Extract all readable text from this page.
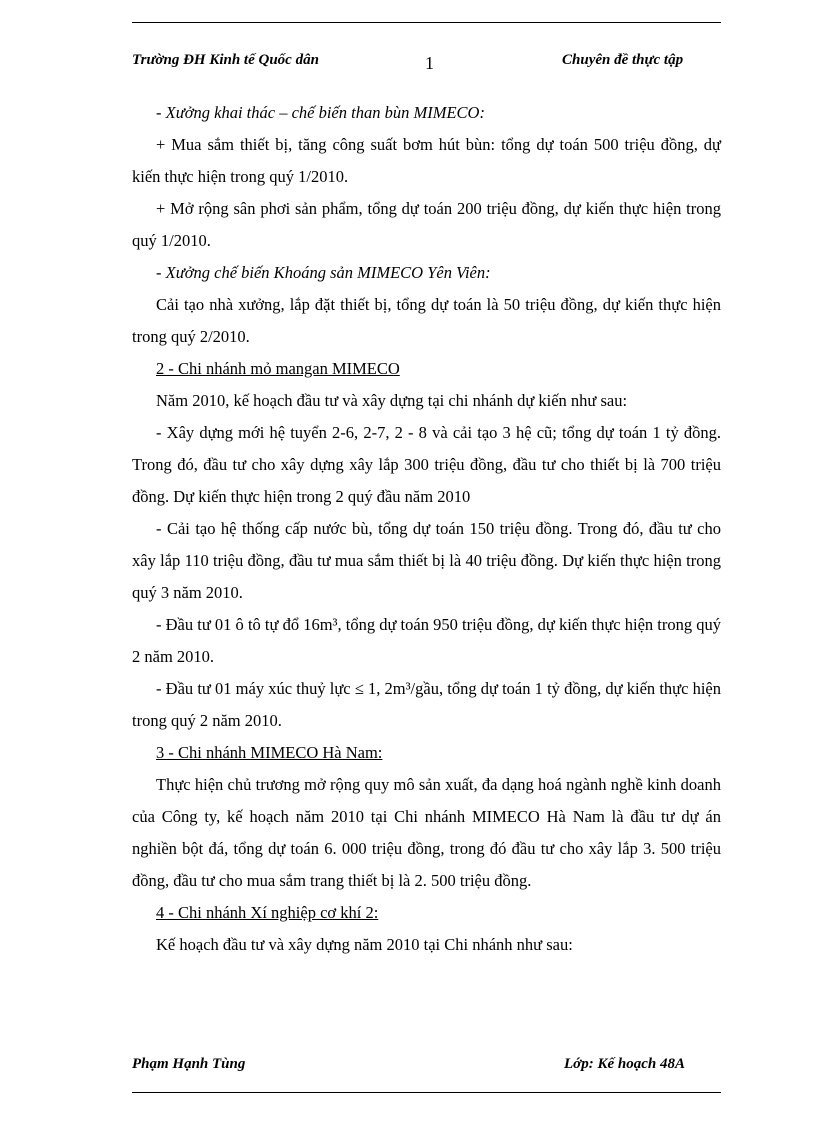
Trường ĐH Kinh tế Quốc dân	1	Chuyên đề thực tập

- Xưởng khai thác – chế biến than bùn MIMECO:

+ Mua sắm thiết bị, tăng công suất bơm hút bùn: tổng dự toán 500 triệu đồng, dự kiến thực hiện trong quý 1/2010.

+ Mở rộng sân phơi sản phẩm, tổng dự toán 200 triệu đồng, dự kiến thực hiện trong quý 1/2010.

- Xưởng chế biến Khoáng sản MIMECO Yên Viên:

Cải tạo nhà xưởng, lắp đặt thiết bị, tổng dự toán là 50 triệu đồng, dự kiến thực hiện trong quý 2/2010.

2 - Chi nhánh mỏ mangan MIMECO

Năm 2010, kế hoạch đầu tư và xây dựng tại chi nhánh dự kiến như sau:

- Xây dựng mới hệ tuyển 2-6, 2-7, 2 - 8 và cải tạo 3 hệ cũ; tổng dự toán 1 tỷ đồng. Trong đó, đầu tư cho xây dựng xây lắp 300 triệu đồng, đầu tư cho thiết bị là 700 triệu đồng. Dự kiến thực hiện trong 2 quý đầu năm 2010

- Cải tạo hệ thống cấp nước bù, tổng dự toán 150 triệu đồng. Trong đó, đầu tư cho xây lắp 110 triệu đồng, đầu tư mua sắm thiết bị là 40 triệu đồng. Dự kiến thực hiện trong quý 3 năm 2010.

- Đầu tư 01 ô tô tự đổ 16m³, tổng dự toán 950 triệu đồng, dự kiến thực hiện trong quý 2 năm 2010.

- Đầu tư 01 máy xúc thuỷ lực ≤ 1, 2m³/gầu, tổng dự toán 1 tỷ đồng, dự kiến thực hiện trong quý 2 năm 2010.

3 - Chi nhánh MIMECO Hà Nam:

Thực hiện chủ trương mở rộng quy mô sản xuất, đa dạng hoá ngành nghề kinh doanh của Công ty, kế hoạch năm 2010 tại Chi nhánh MIMECO Hà Nam là đầu tư dự án nghiền bột đá, tổng dự toán 6. 000 triệu đồng, trong đó đầu tư cho xây lắp 3. 500 triệu đồng, đầu tư cho mua sắm trang thiết bị là 2. 500 triệu đồng.

4 - Chi nhánh Xí nghiệp cơ khí 2:

Kế hoạch đầu tư và xây dựng năm 2010 tại Chi nhánh như sau:

Phạm Hạnh Tùng	Lớp: Kế hoạch 48A
